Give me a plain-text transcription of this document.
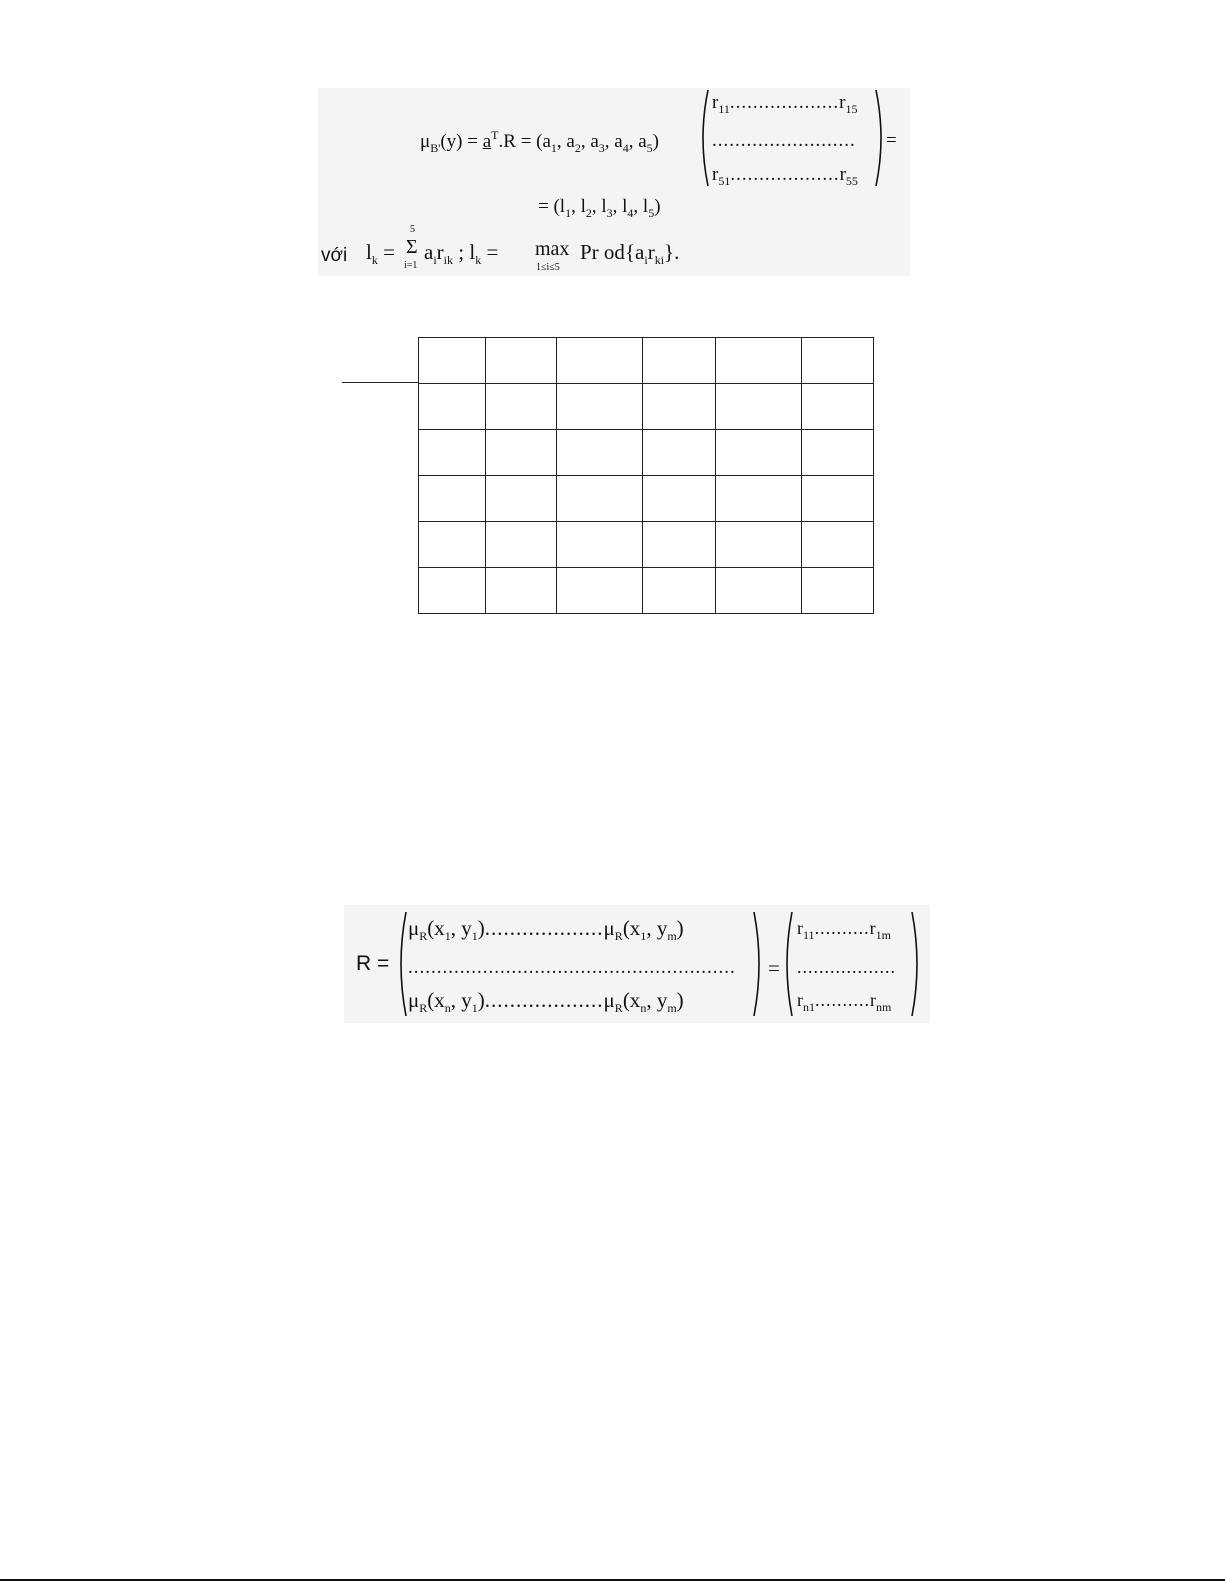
$\mu_{B'}(y) = a^T.R = (a_1$, $a_2$, $a_3$, $a_4$, $a_5$)
$r_{11}...................r_{15}$
.........................
$r_{51}...................r_{55}$
=
= ($l_1$, $l_2$, $l_3$, $l_4$, $l_5$)
với $l_k$ =
5
Σ
i=1
$a_ir_{ik}$ ; $l_k = \max$
1≤i≤5
Pr $od\{a_ir_{ki}\}$.

R =
$\mu_R(x_1$, $y_1)...................\mu_R(x_1$, $y_m$)
.........................................................
$\mu_R(x_n$, $y_1)...................\mu_R(x_n$, $y_m$)
=
$r_{11}..........r_{1m}$
..................
$r_{n1}..........r_{nm}$
